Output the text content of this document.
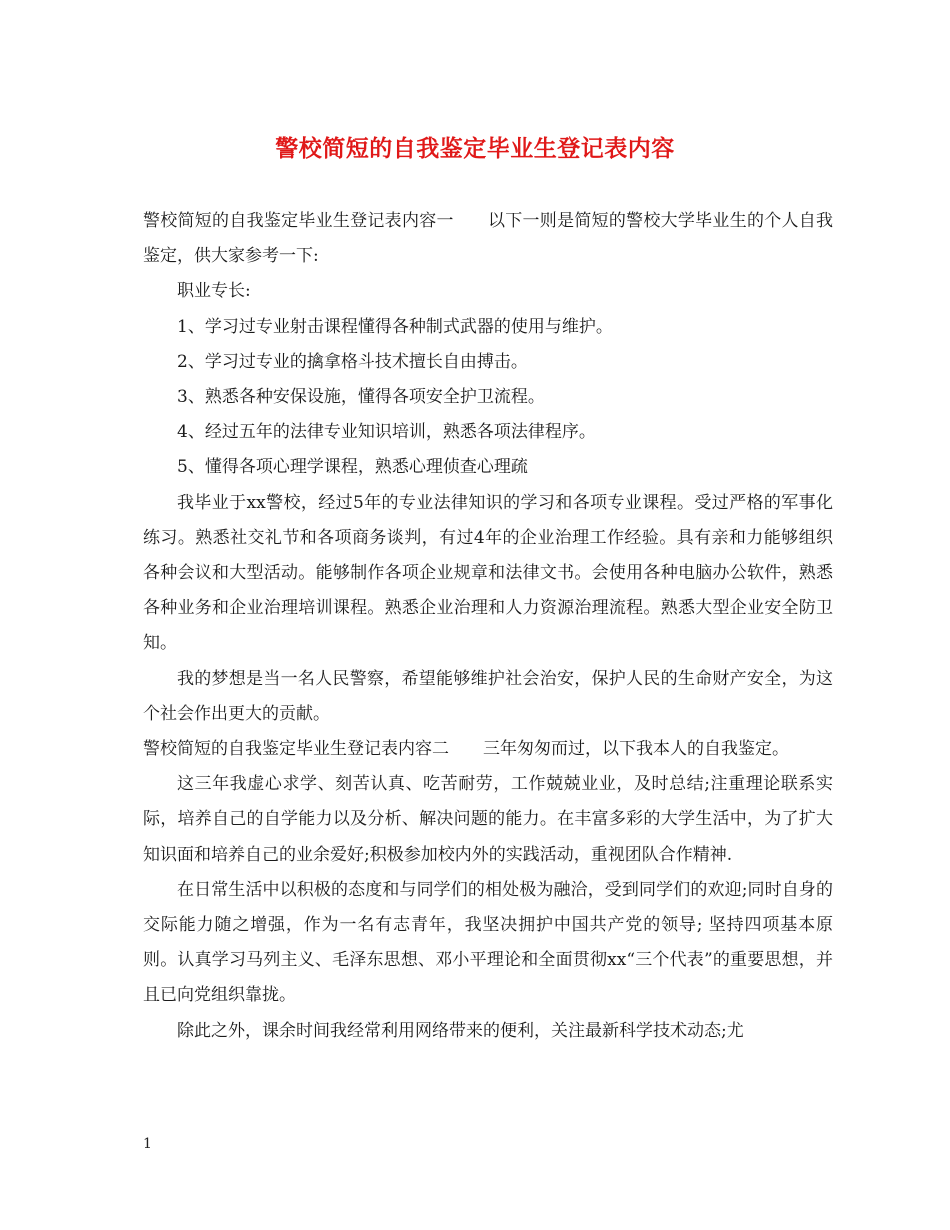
警校简短的自我鉴定毕业生登记表内容

警校简短的自我鉴定毕业生登记表内容一 以下一则是简短的警校大学毕业生的个人自我鉴定，供大家参考一下:

职业专长:

1、学习过专业射击课程懂得各种制式武器的使用与维护。

2、学习过专业的擒拿格斗技术擅长自由搏击。

3、熟悉各种安保设施，懂得各项安全护卫流程。

4、经过五年的法律专业知识培训，熟悉各项法律程序。

5、懂得各项心理学课程，熟悉心理侦查心理疏

我毕业于xx警校，经过5年的专业法律知识的学习和各项专业课程。受过严格的军事化练习。熟悉社交礼节和各项商务谈判，有过4年的企业治理工作经验。具有亲和力能够组织各种会议和大型活动。能够制作各项企业规章和法律文书。会使用各种电脑办公软件，熟悉各种业务和企业治理培训课程。熟悉企业治理和人力资源治理流程。熟悉大型企业安全防卫知。

我的梦想是当一名人民警察，希望能够维护社会治安，保护人民的生命财产安全，为这个社会作出更大的贡献。

警校简短的自我鉴定毕业生登记表内容二 三年匆匆而过，以下我本人的自我鉴定。

这三年我虚心求学、刻苦认真、吃苦耐劳，工作兢兢业业，及时总结;注重理论联系实际，培养自己的自学能力以及分析、解决问题的能力。在丰富多彩的大学生活中，为了扩大知识面和培养自己的业余爱好;积极参加校内外的实践活动，重视团队合作精神.

在日常生活中以积极的态度和与同学们的相处极为融洽，受到同学们的欢迎;同时自身的交际能力随之增强，作为一名有志青年，我坚决拥护中国共产党的领导; 坚持四项基本原则。认真学习马列主义、毛泽东思想、邓小平理论和全面贯彻xx“三个代表”的重要思想，并且已向党组织靠拢。

除此之外，课余时间我经常利用网络带来的便利，关注最新科学技术动态;尤

1
